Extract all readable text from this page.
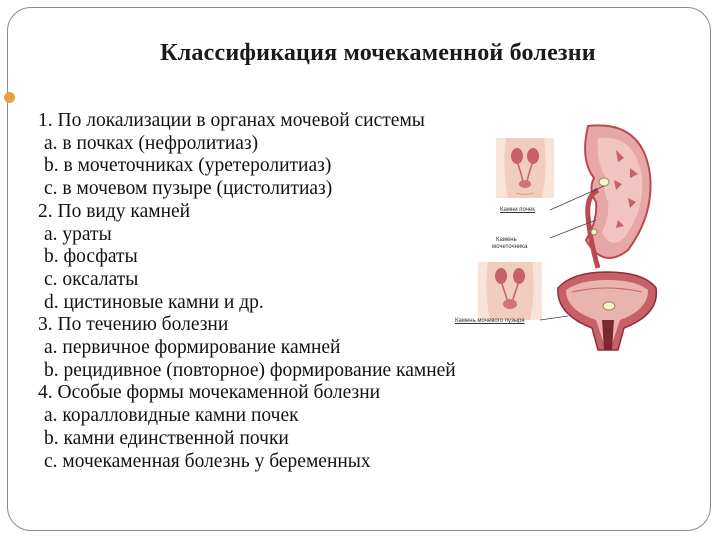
Классификация мочекаменной болезни
1. По локализации в органах мочевой системы
a. в почках (нефролитиаз)
b. в мочеточниках (уретеролитиаз)
c. в мочевом пузыре (цистолитиаз)
2. По виду камней
a. ураты
b. фосфаты
c. оксалаты
d. цистиновые камни и др.
3. По течению болезни
a. первичное формирование камней
b. рецидивное (повторное) формирование камней
4. Особые формы мочекаменной болезни
a. коралловидные камни почек
b. камни единственной почки
c. мочекаменная болезнь у беременных
Камни почек
Камень
мочеточника
Камень мочевого пузыря
